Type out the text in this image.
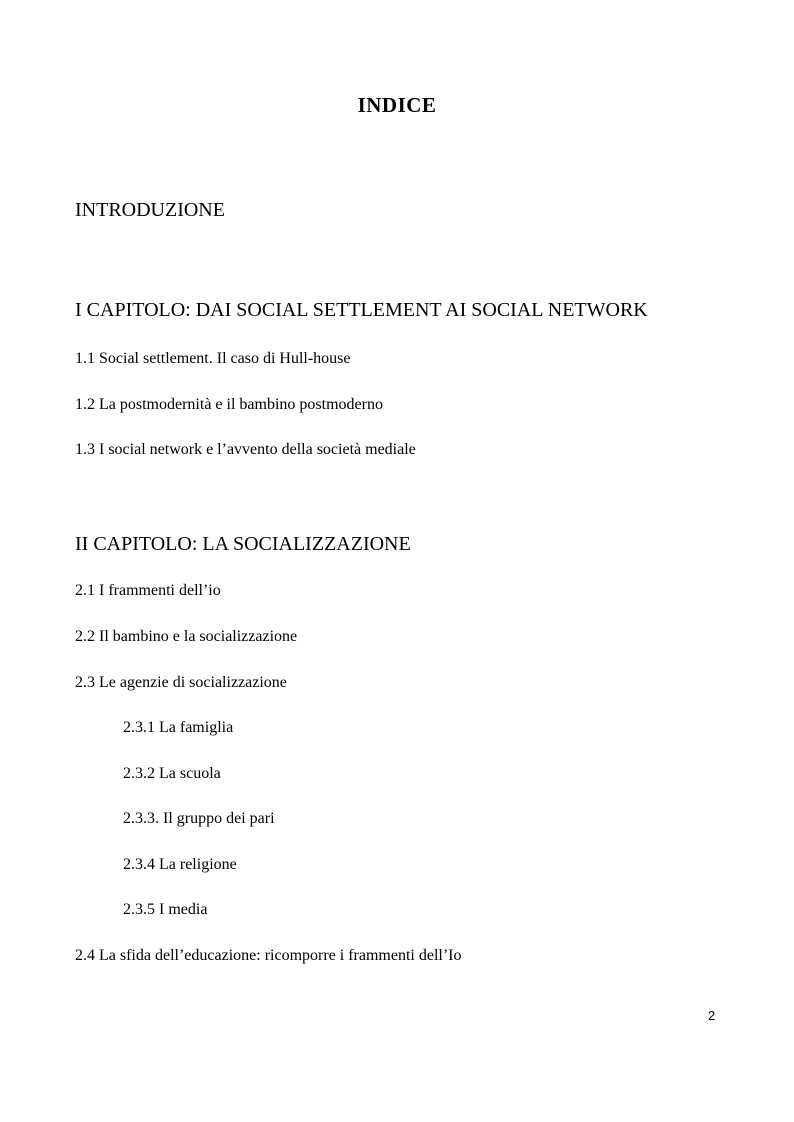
INDICE
INTRODUZIONE
I CAPITOLO: DAI SOCIAL SETTLEMENT AI SOCIAL NETWORK
1.1 Social settlement. Il caso di Hull-house
1.2 La postmodernità e il bambino postmoderno
1.3 I social network e l’avvento della società mediale
II CAPITOLO: LA SOCIALIZZAZIONE
2.1 I frammenti dell’io
2.2 Il bambino e la socializzazione
2.3 Le agenzie di socializzazione
2.3.1 La famiglia
2.3.2 La scuola
2.3.3. Il gruppo dei pari
2.3.4 La religione
2.3.5 I media
2.4 La sfida dell’educazione: ricomporre i frammenti dell’Io
2
